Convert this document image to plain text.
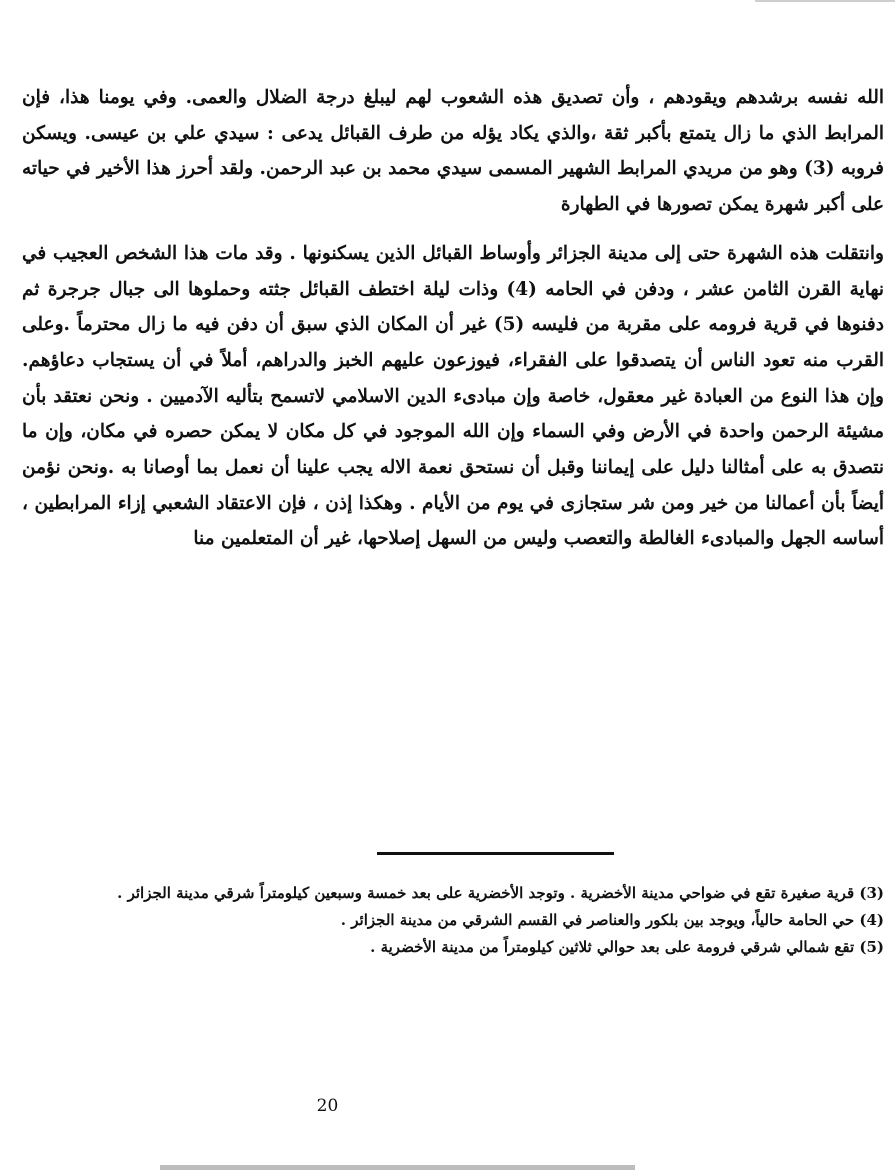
الله نفسه برشدهم ويقودهم ، وأن تصديق هذه الشعوب لهم ليبلغ درجة الضلال والعمى. وفي يومنا هذا، فإن المرابط الذي ما زال يتمتع بأكبر ثقة ،والذي يكاد يؤله من طرف القبائل يدعى : سيدي علي بن عيسى. ويسكن فروبه (3) وهو من مريدي المرابط الشهير المسمى سيدي محمد بن عبد الرحمن. ولقد أحرز هذا الأخير في حياته على أكبر شهرة يمكن تصورها في الطهارة
وانتقلت هذه الشهرة حتى إلى مدينة الجزائر وأوساط القبائل الذين يسكنونها . وقد مات هذا الشخص العجيب في نهاية القرن الثامن عشر ، ودفن في الحامه (4) وذات ليلة اختطف القبائل جثته وحملوها الى جبال جرجرة ثم دفنوها في قرية فرومه على مقربة من فليسه (5) غير أن المكان الذي سبق أن دفن فيه ما زال محترماً .وعلى القرب منه تعود الناس أن يتصدقوا على الفقراء، فيوزعون عليهم الخبز والدراهم، أملاً في أن يستجاب دعاؤهم. وإن هذا النوع من العبادة غير معقول، خاصة وإن مبادىء الدين الاسلامي لاتسمح بتأليه الآدميين . ونحن نعتقد بأن مشيئة الرحمن واحدة في الأرض وفي السماء وإن الله الموجود في كل مكان لا يمكن حصره في مكان، وإن ما نتصدق به على أمثالنا دليل على إيماننا وقبل أن نستحق نعمة الاله يجب علينا أن نعمل بما أوصانا به .ونحن نؤمن أيضاً بأن أعمالنا من خير ومن شر ستجازى في يوم من الأيام . وهكذا إذن ، فإن الاعتقاد الشعبي إزاء المرابطين ، أساسه الجهل والمبادىء الغالطة والتعصب وليس من السهل إصلاحها، غير أن المتعلمين منا
(3) قرية صغيرة تقع في ضواحي مدينة الأخضرية . وتوجد الأخضرية على بعد خمسة وسبعين كيلومتراً شرقي مدينة الجزائر .
(4) حي الحامة حالياً، ويوجد بين بلكور والعناصر في القسم الشرقي من مدينة الجزائر .
(5) تقع شمالي شرقي فرومة على بعد حوالي ثلاثين كيلومتراً من مدينة الأخضرية .
20
